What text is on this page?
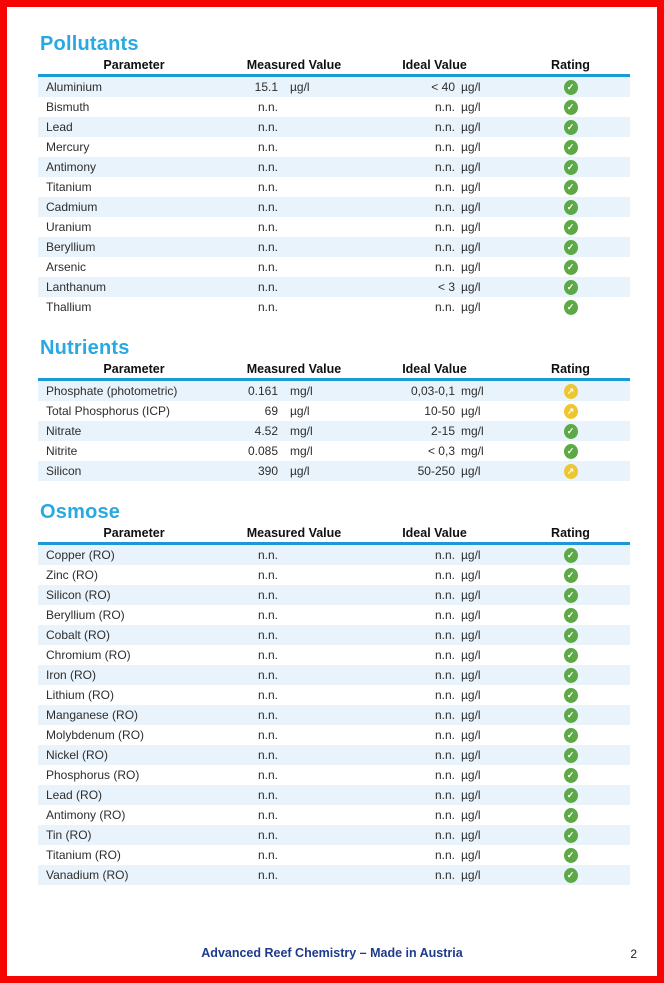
Pollutants
Parameter	Measured Value	Ideal Value	Rating
Aluminium	15.1	µg/l	< 40 µg/l	✓
Bismuth	n.n.	n.n. µg/l	✓
Lead	n.n.	n.n. µg/l	✓
Mercury	n.n.	n.n. µg/l	✓
Antimony	n.n.	n.n. µg/l	✓
Titanium	n.n.	n.n. µg/l	✓
Cadmium	n.n.	n.n. µg/l	✓
Uranium	n.n.	n.n. µg/l	✓
Beryllium	n.n.	n.n. µg/l	✓
Arsenic	n.n.	n.n. µg/l	✓
Lanthanum	n.n.	< 3 µg/l	✓
Thallium	n.n.	n.n. µg/l	✓
Nutrients
Parameter	Measured Value	Ideal Value	Rating
Phosphate (photometric)	0.161	mg/l	0,03-0,1 mg/l	↗
Total Phosphorus (ICP)	69	µg/l	10-50 µg/l	↗
Nitrate	4.52	mg/l	2-15 mg/l	✓
Nitrite	0.085	mg/l	< 0,3 mg/l	✓
Silicon	390	µg/l	50-250 µg/l	↗
Osmose
Parameter	Measured Value	Ideal Value	Rating
Copper (RO)	n.n.	n.n. µg/l	✓
Zinc (RO)	n.n.	n.n. µg/l	✓
Silicon (RO)	n.n.	n.n. µg/l	✓
Beryllium (RO)	n.n.	n.n. µg/l	✓
Cobalt (RO)	n.n.	n.n. µg/l	✓
Chromium (RO)	n.n.	n.n. µg/l	✓
Iron (RO)	n.n.	n.n. µg/l	✓
Lithium (RO)	n.n.	n.n. µg/l	✓
Manganese (RO)	n.n.	n.n. µg/l	✓
Molybdenum (RO)	n.n.	n.n. µg/l	✓
Nickel (RO)	n.n.	n.n. µg/l	✓
Phosphorus (RO)	n.n.	n.n. µg/l	✓
Lead (RO)	n.n.	n.n. µg/l	✓
Antimony (RO)	n.n.	n.n. µg/l	✓
Tin (RO)	n.n.	n.n. µg/l	✓
Titanium (RO)	n.n.	n.n. µg/l	✓
Vanadium (RO)	n.n.	n.n. µg/l	✓
Advanced Reef Chemistry – Made in Austria	2
